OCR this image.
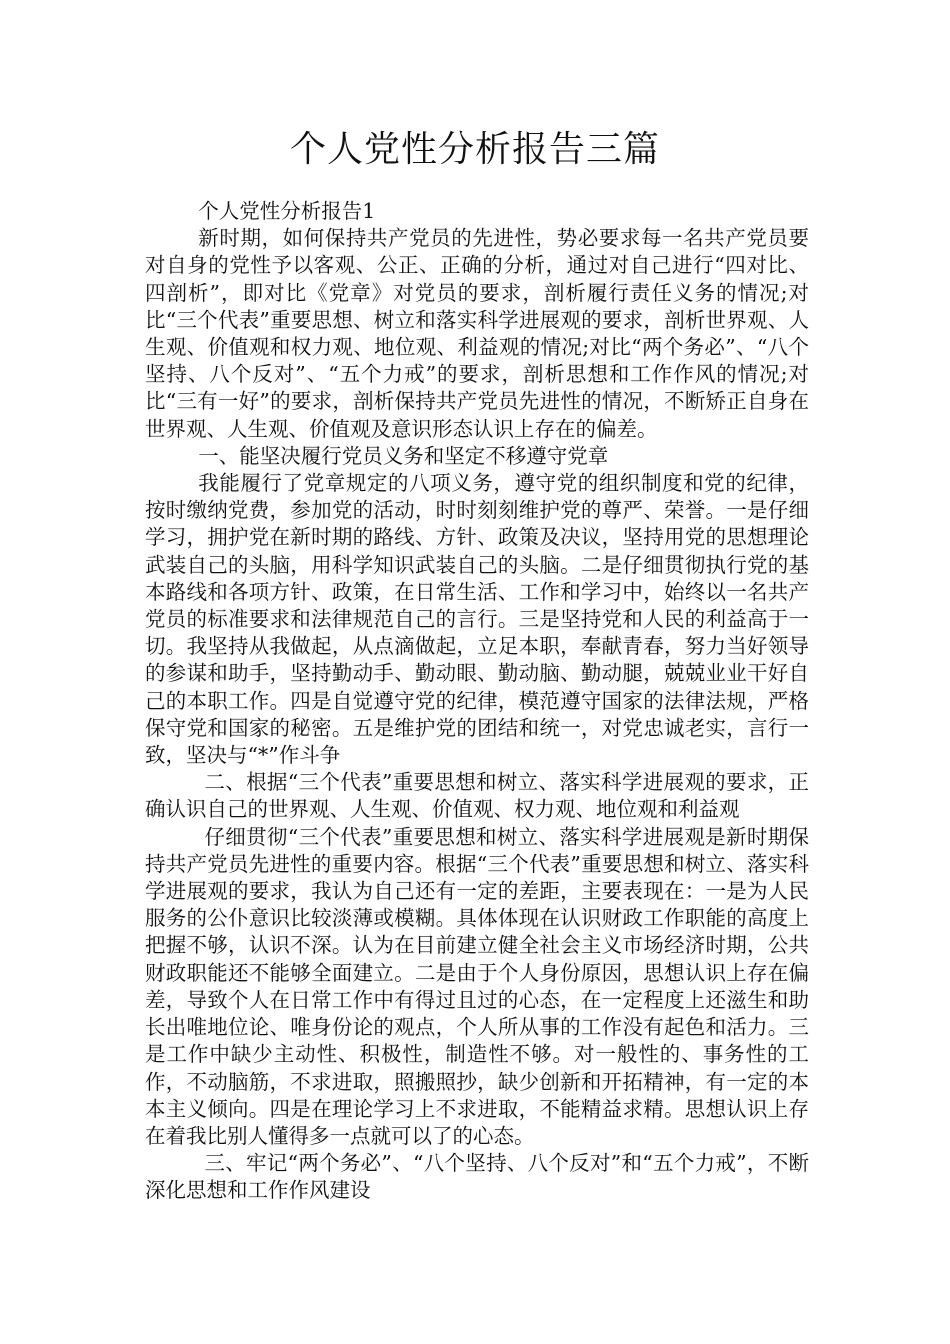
个人党性分析报告三篇

个人党性分析报告1

新时期，如何保持共产党员的先进性，势必要求每一名共产党员要对自身的党性予以客观、公正、正确的分析，通过对自己进行“四对比、四剖析”，即对比《党章》对党员的要求，剖析履行责任义务的情况;对比“三个代表”重要思想、树立和落实科学进展观的要求，剖析世界观、人生观、价值观和权力观、地位观、利益观的情况;对比“两个务必”、“八个坚持、八个反对”、“五个力戒”的要求，剖析思想和工作作风的情况;对比“三有一好”的要求，剖析保持共产党员先进性的情况，不断矫正自身在世界观、人生观、价值观及意识形态认识上存在的偏差。

一、能坚决履行党员义务和坚定不移遵守党章

我能履行了党章规定的八项义务，遵守党的组织制度和党的纪律，按时缴纳党费，参加党的活动，时时刻刻维护党的尊严、荣誉。一是仔细学习，拥护党在新时期的路线、方针、政策及决议，坚持用党的思想理论武装自己的头脑，用科学知识武装自己的头脑。二是仔细贯彻执行党的基本路线和各项方针、政策，在日常生活、工作和学习中，始终以一名共产党员的标准要求和法律规范自己的言行。三是坚持党和人民的利益高于一切。我坚持从我做起，从点滴做起，立足本职，奉献青春，努力当好领导的参谋和助手，坚持勤动手、勤动眼、勤动脑、勤动腿，兢兢业业干好自己的本职工作。四是自觉遵守党的纪律，模范遵守国家的法律法规，严格保守党和国家的秘密。五是维护党的团结和统一，对党忠诚老实，言行一致，坚决与“*”作斗争

二、根据“三个代表”重要思想和树立、落实科学进展观的要求，正确认识自己的世界观、人生观、价值观、权力观、地位观和利益观

仔细贯彻“三个代表”重要思想和树立、落实科学进展观是新时期保持共产党员先进性的重要内容。根据“三个代表”重要思想和树立、落实科学进展观的要求，我认为自己还有一定的差距，主要表现在：一是为人民服务的公仆意识比较淡薄或模糊。具体体现在认识财政工作职能的高度上把握不够，认识不深。认为在目前建立健全社会主义市场经济时期，公共财政职能还不能够全面建立。二是由于个人身份原因，思想认识上存在偏差，导致个人在日常工作中有得过且过的心态，在一定程度上还滋生和助长出唯地位论、唯身份论的观点，个人所从事的工作没有起色和活力。三是工作中缺少主动性、积极性，制造性不够。对一般性的、事务性的工作，不动脑筋，不求进取，照搬照抄，缺少创新和开拓精神，有一定的本本主义倾向。四是在理论学习上不求进取，不能精益求精。思想认识上存在着我比别人懂得多一点就可以了的心态。

三、牢记“两个务必”、“八个坚持、八个反对”和“五个力戒”，不断深化思想和工作作风建设
